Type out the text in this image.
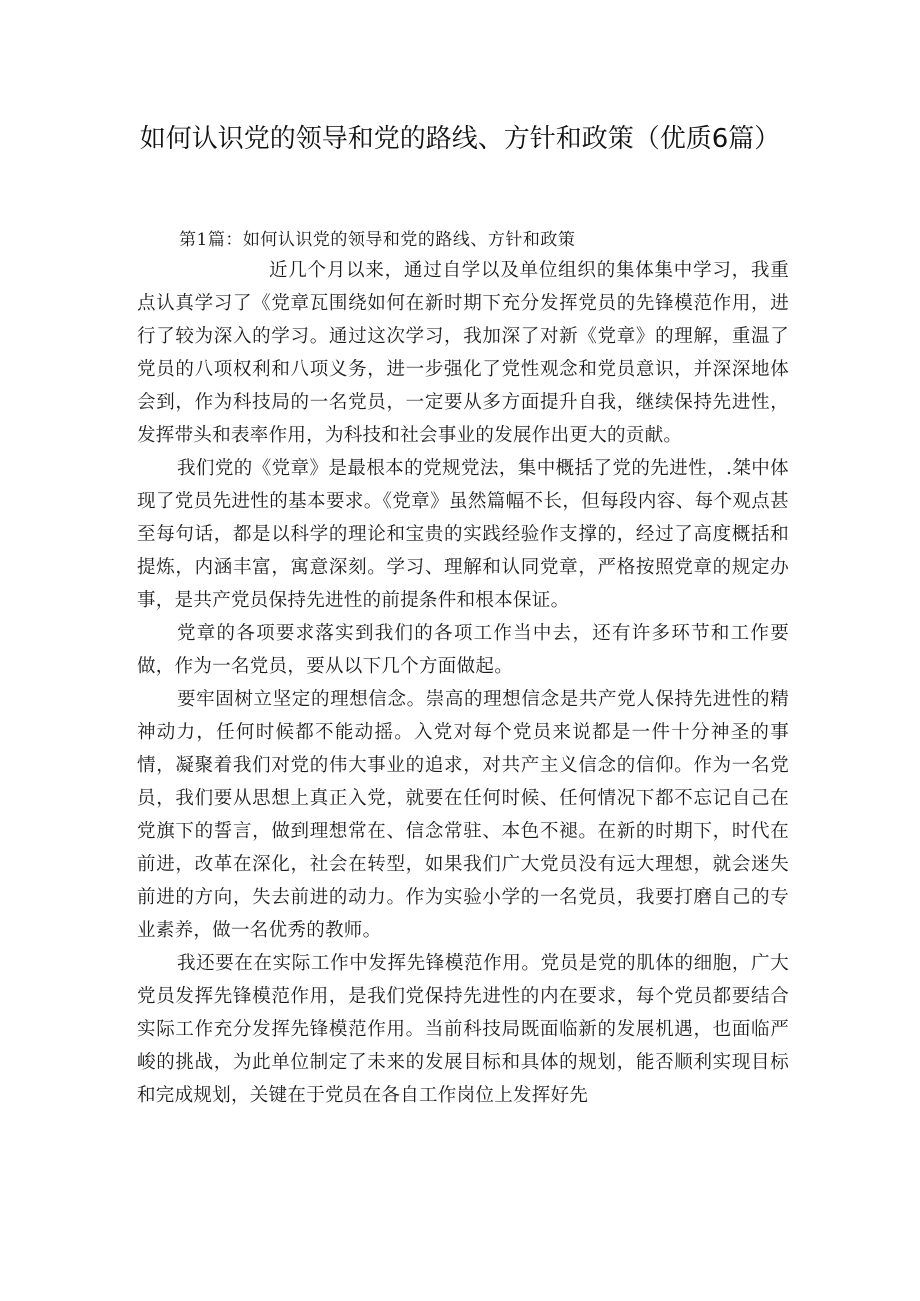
如何认识党的领导和党的路线、方针和政策（优质6篇）

第1篇：如何认识党的领导和党的路线、方针和政策

近几个月以来，通过自学以及单位组织的集体集中学习，我重点认真学习了《党章瓦围绕如何在新时期下充分发挥党员的先锋模范作用，进行了较为深入的学习。通过这次学习，我加深了对新《党章》的理解，重温了党员的八项权利和八项义务，进一步强化了党性观念和党员意识，并深深地体会到，作为科技局的一名党员，一定要从多方面提升自我，继续保持先进性，发挥带头和表率作用，为科技和社会事业的发展作出更大的贡献。

我们党的《党章》是最根本的党规党法，集中概括了党的先进性，.桀中体现了党员先进性的基本要求。《党章》虽然篇幅不长，但每段内容、每个观点甚至每句话，都是以科学的理论和宝贵的实践经验作支撑的，经过了高度概括和提炼，内涵丰富，寓意深刻。学习、理解和认同党章，严格按照党章的规定办事，是共产党员保持先进性的前提条件和根本保证。

党章的各项要求落实到我们的各项工作当中去，还有许多环节和工作要做，作为一名党员，要从以下几个方面做起。

要牢固树立坚定的理想信念。崇高的理想信念是共产党人保持先进性的精神动力，任何时候都不能动摇。入党对每个党员来说都是一件十分神圣的事情，凝聚着我们对党的伟大事业的追求，对共产主义信念的信仰。作为一名党员，我们要从思想上真正入党，就要在任何时候、任何情况下都不忘记自己在党旗下的誓言，做到理想常在、信念常驻、本色不褪。在新的时期下，时代在前进，改革在深化，社会在转型，如果我们广大党员没有远大理想，就会迷失前进的方向，失去前进的动力。作为实验小学的一名党员，我要打磨自己的专业素养，做一名优秀的教师。

我还要在在实际工作中发挥先锋模范作用。党员是党的肌体的细胞，广大党员发挥先锋模范作用，是我们党保持先进性的内在要求，每个党员都要结合实际工作充分发挥先锋模范作用。当前科技局既面临新的发展机遇，也面临严峻的挑战，为此单位制定了未来的发展目标和具体的规划，能否顺利实现目标和完成规划，关键在于党员在各自工作岗位上发挥好先
